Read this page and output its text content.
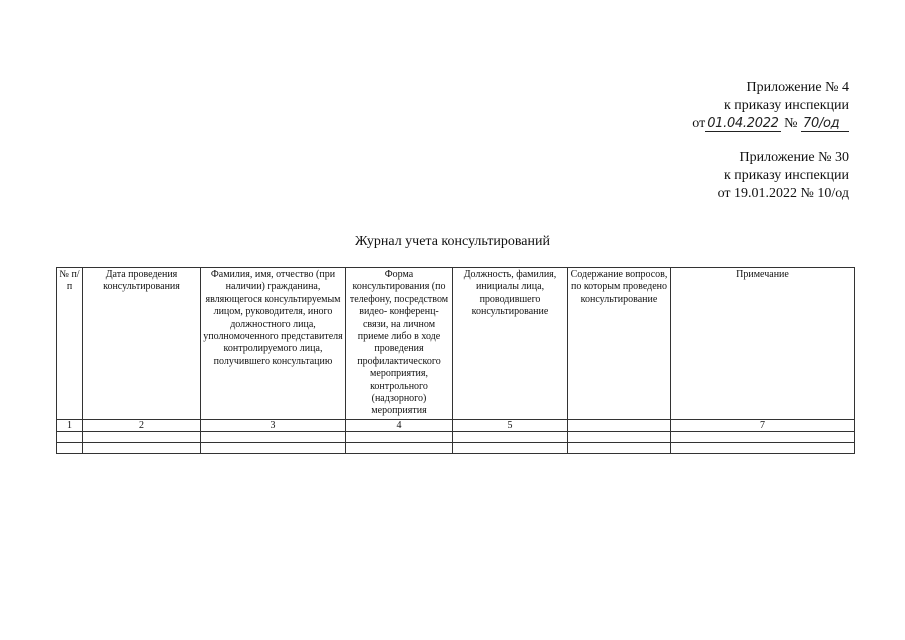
Приложение № 4
к приказу инспекции
от 01.04.2022 № 70/од
Приложение № 30
к приказу инспекции
от 19.01.2022 № 10/од
Журнал учета консультирований
№ п/п	Дата проведения консультирования	Фамилия, имя, отчество (при наличии) гражданина, являющегося консультируемым лицом, руководителя, иного должностного лица, уполномоченного представителя контролируемого лица, получившего консультацию	Форма консультирования (по телефону, посредством видео- конференц-связи, на личном приеме либо в ходе проведения профилактического мероприятия, контрольного (надзорного) мероприятия	Должность, фамилия, инициалы лица, проводившего консультирование	Содержание вопросов, по которым проведено консультирование	Примечание
1	2	3	4	5		7
